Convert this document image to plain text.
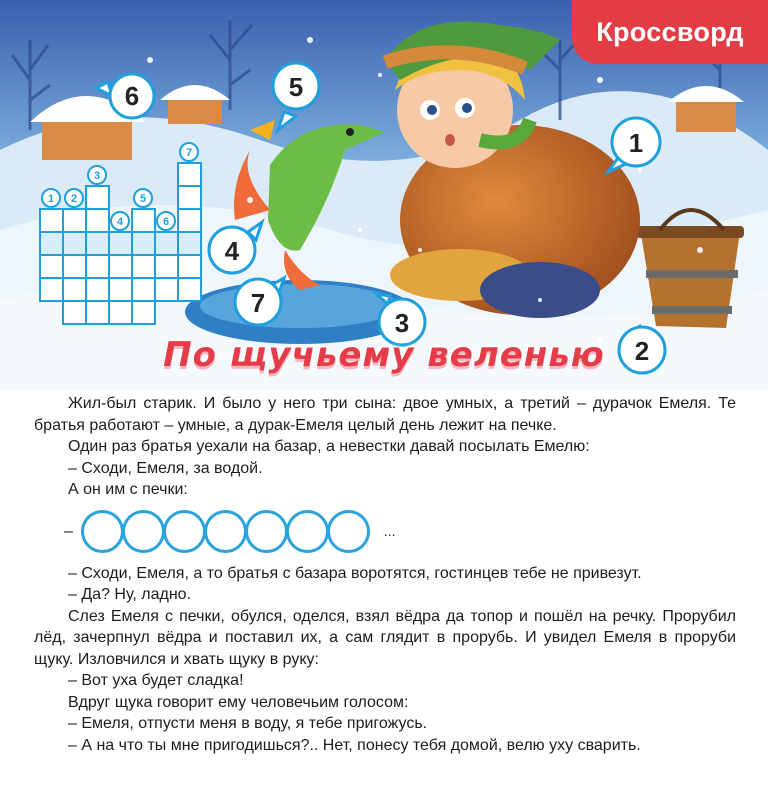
1 2
3
4
5
6
7
6	5
1
4
7
3
2
Кроссворд
По щучьему веленью

Жил-был старик. И было у него три сына: двое умных, а третий – дурачок Емеля. Те братья работают – умные, а дурак-Емеля целый день лежит на печке.

Один раз братья уехали на базар, а невестки давай посылать Емелю:

– Сходи, Емеля, за водой.

А он им с печки:

–	...

– Сходи, Емеля, а то братья с базара воротятся, гостинцев тебе не привезут.

– Да? Ну, ладно.

Слез Емеля с печки, обулся, оделся, взял вёдра да топор и пошёл на речку. Прорубил лёд, зачерпнул вёдра и поставил их, а сам глядит в прорубь. И увидел Емеля в проруби щуку. Изловчился и хвать щуку в руку:

– Вот уха будет сладка!

Вдруг щука говорит ему человечьим голосом:

– Емеля, отпусти меня в воду, я тебе пригожусь.

– А на что ты мне пригодишься?.. Нет, понесу тебя домой, велю уху сварить.
